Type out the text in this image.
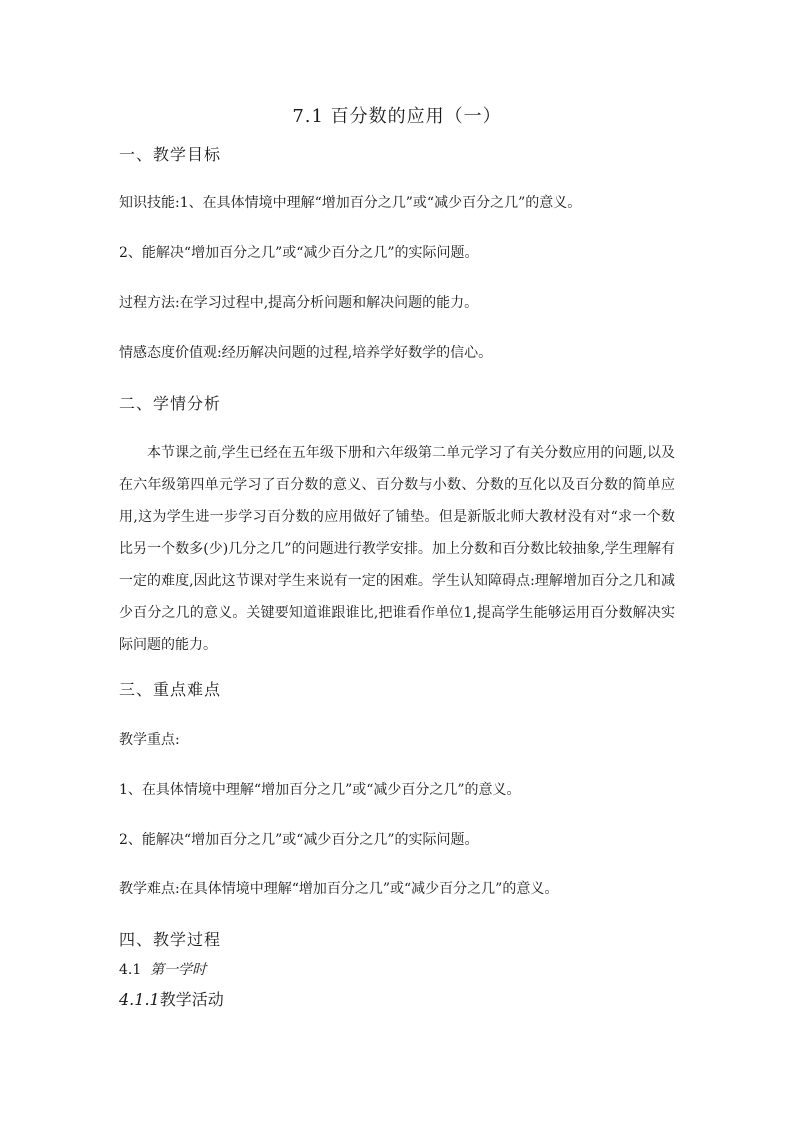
7.1 百分数的应用（一）
一、教学目标
知识技能:1、在具体情境中理解“增加百分之几”或“减少百分之几”的意义。
2、能解决“增加百分之几”或“减少百分之几”的实际问题。
过程方法:在学习过程中,提高分析问题和解决问题的能力。
情感态度价值观:经历解决问题的过程,培养学好数学的信心。
二、学情分析
本节课之前,学生已经在五年级下册和六年级第二单元学习了有关分数应用的问题,以及在六年级第四单元学习了百分数的意义、百分数与小数、分数的互化以及百分数的简单应用,这为学生进一步学习百分数的应用做好了铺垫。但是新版北师大教材没有对“求一个数比另一个数多(少)几分之几”的问题进行教学安排。加上分数和百分数比较抽象,学生理解有一定的难度,因此这节课对学生来说有一定的困难。学生认知障碍点:理解增加百分之几和减少百分之几的意义。关键要知道谁跟谁比,把谁看作单位1,提高学生能够运用百分数解决实际问题的能力。
三、重点难点
教学重点:
1、在具体情境中理解“增加百分之几”或“减少百分之几”的意义。
2、能解决“增加百分之几”或“减少百分之几”的实际问题。
教学难点:在具体情境中理解“增加百分之几”或“减少百分之几”的意义。
四、教学过程
4.1 第一学时
4.1.1教学活动
